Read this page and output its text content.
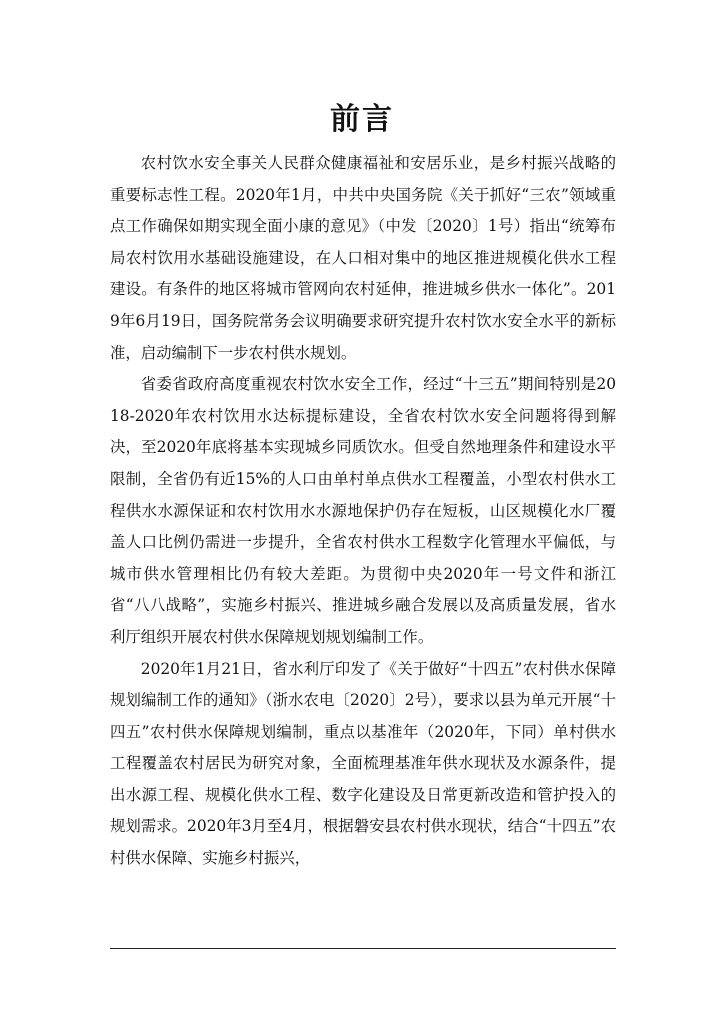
前言

农村饮水安全事关人民群众健康福祉和安居乐业，是乡村振兴战略的重要标志性工程。2020年1月，中共中央国务院《关于抓好“三农”领域重点工作确保如期实现全面小康的意见》（中发〔2020〕1号）指出“统筹布局农村饮用水基础设施建设，在人口相对集中的地区推进规模化供水工程建设。有条件的地区将城市管网向农村延伸，推进城乡供水一体化”。2019年6月19日，国务院常务会议明确要求研究提升农村饮水安全水平的新标准，启动编制下一步农村供水规划。

省委省政府高度重视农村饮水安全工作，经过“十三五”期间特别是2018-2020年农村饮用水达标提标建设，全省农村饮水安全问题将得到解决，至2020年底将基本实现城乡同质饮水。但受自然地理条件和建设水平限制，全省仍有近15%的人口由单村单点供水工程覆盖，小型农村供水工程供水水源保证和农村饮用水水源地保护仍存在短板，山区规模化水厂覆盖人口比例仍需进一步提升，全省农村供水工程数字化管理水平偏低，与城市供水管理相比仍有较大差距。为贯彻中央2020年一号文件和浙江省“八八战略”，实施乡村振兴、推进城乡融合发展以及高质量发展，省水利厅组织开展农村供水保障规划规划编制工作。

2020年1月21日，省水利厅印发了《关于做好“十四五”农村供水保障规划编制工作的通知》（浙水农电〔2020〕2号），要求以县为单元开展“十四五”农村供水保障规划编制，重点以基准年（2020年，下同）单村供水工程覆盖农村居民为研究对象，全面梳理基准年供水现状及水源条件，提出水源工程、规模化供水工程、数字化建设及日常更新改造和管护投入的规划需求。2020年3月至4月，根据磐安县农村供水现状，结合“十四五”农村供水保障、实施乡村振兴，
